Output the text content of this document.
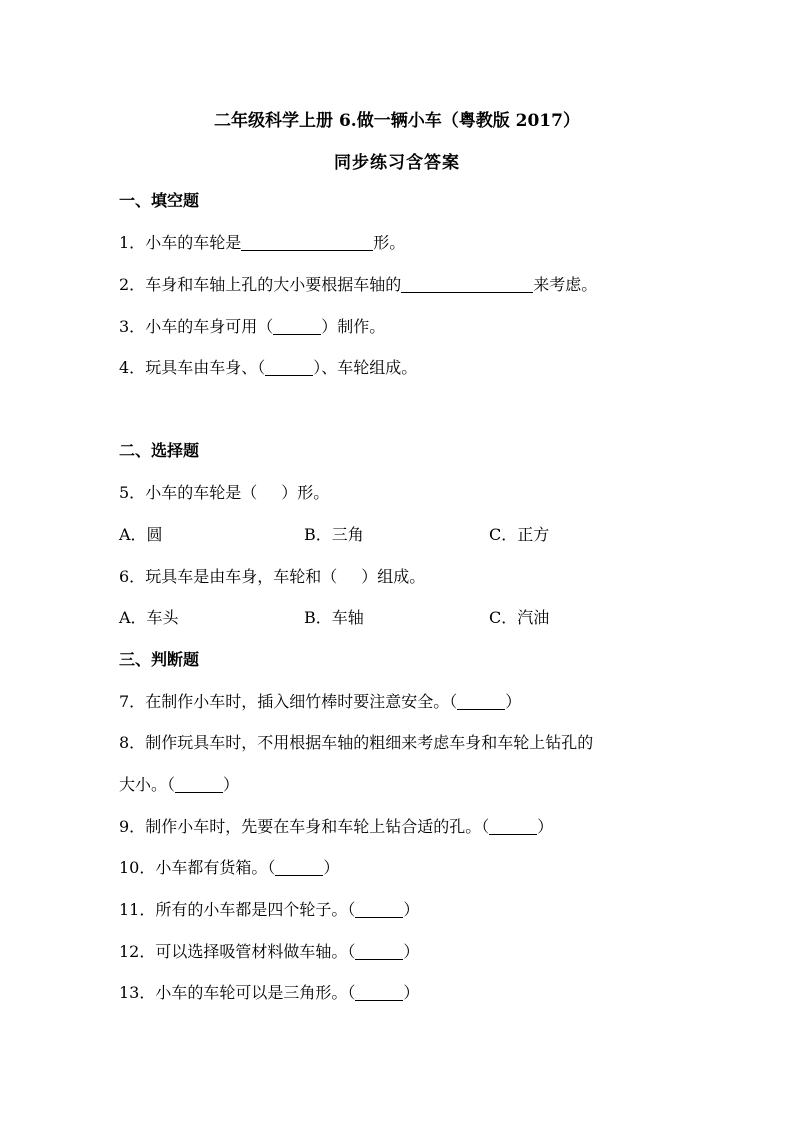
二年级科学上册 6.做一辆小车（粤教版 2017）
同步练习含答案
一、填空题
1．小车的车轮是	形。
2．车身和车轴上孔的大小要根据车轴的	来考虑。
3．小车的车身可用（	）制作。
4．玩具车由车身、（	）、车轮组成。
二、选择题
5．小车的车轮是（ ）形。
A．圆	B．三角	C．正方
6．玩具车是由车身，车轮和（ ）组成。
A．车头	B．车轴	C．汽油
三、判断题
7．在制作小车时，插入细竹棒时要注意安全。（	）
8．制作玩具车时，不用根据车轴的粗细来考虑车身和车轮上钻孔的
大小。（	）
9．制作小车时，先要在车身和车轮上钻合适的孔。（	）
10．小车都有货箱。（	）
11．所有的小车都是四个轮子。（	）
12．可以选择吸管材料做车轴。（	）
13．小车的车轮可以是三角形。（	）
